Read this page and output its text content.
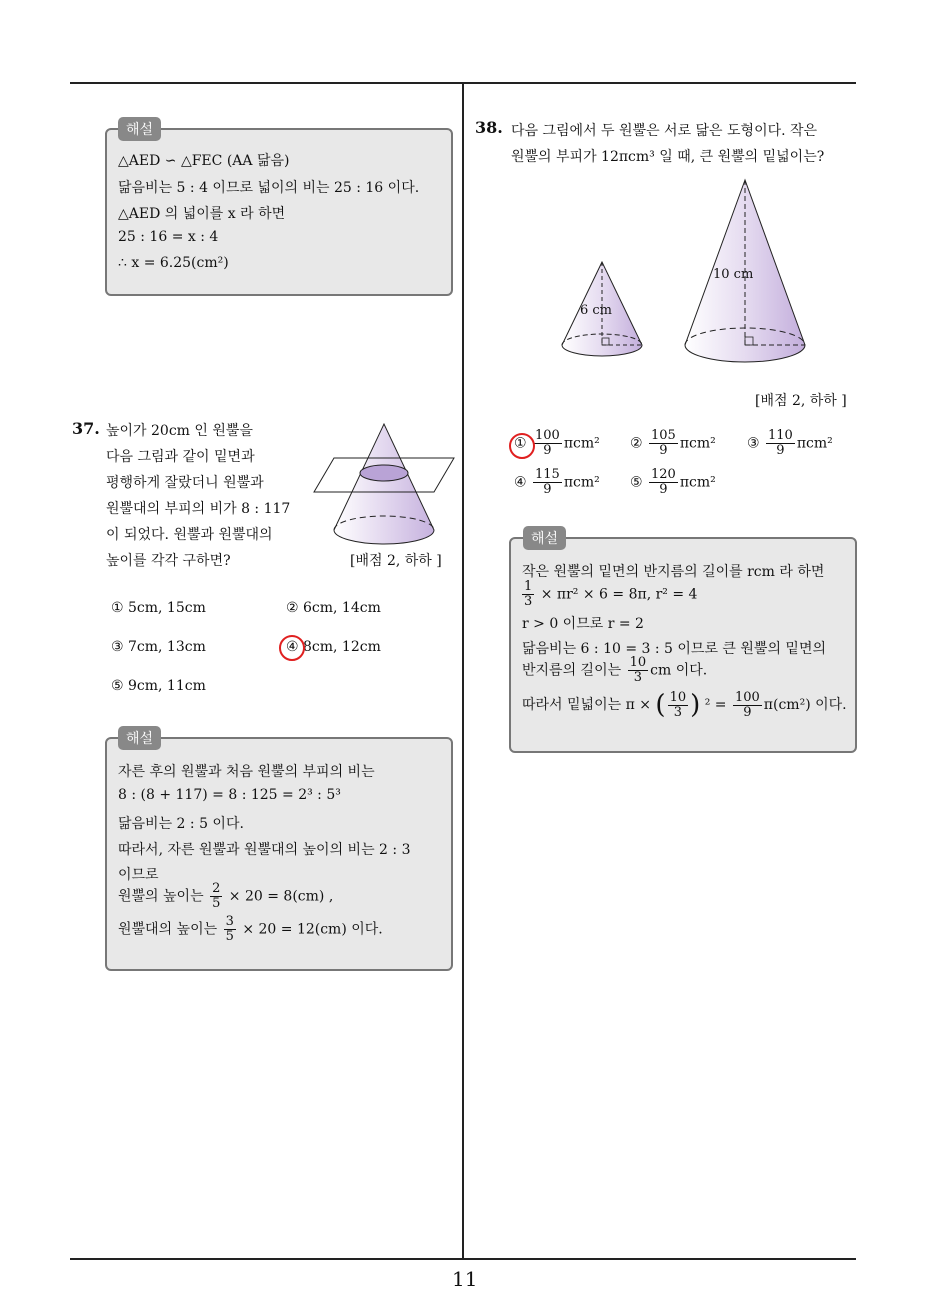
11
해설
△AED ∽ △FEC (AA 닮음)
닮음비는 5 : 4 이므로 넓이의 비는 25 : 16 이다.
△AED 의 넓이를 x 라 하면
25 : 16 = x : 4
∴ x = 6.25(cm²)
37. 높이가 20cm 인 원뿔을
다음 그림과 같이 밑면과
평행하게 잘랐더니 원뿔과
원뿔대의 부피의 비가 8 : 117
이 되었다. 원뿔과 원뿔대의
높이를 각각 구하면?	[배점 2, 하하 ]
① 5cm, 15cm	② 6cm, 14cm
③ 7cm, 13cm	④ 8cm, 12cm
⑤ 9cm, 11cm
해설
자른 후의 원뿔과 처음 원뿔의 부피의 비는
8 : (8 + 117) = 8 : 125 = 2³ : 5³
닮음비는 2 : 5 이다.
따라서, 자른 원뿔과 원뿔대의 높이의 비는 2 : 3
이므로
원뿔의 높이는 $\frac{2}{5} \times 20 = 8(cm)$ ,
원뿔대의 높이는 $\frac{3}{5} \times 20 = 12(cm)$ 이다.
38. 다음 그림에서 두 원뿔은 서로 닮은 도형이다. 작은
원뿔의 부피가 12πcm³ 일 때, 큰 원뿔의 밑넓이는?
6 cm
10 cm
[배점 2, 하하 ]
① $\frac{100}{9} \pi cm^2$ ② $\frac{105}{9} \pi cm^2$ ③ $\frac{110}{9} \pi cm^2$
④ $\frac{115}{9} \pi cm^2$ ⑤ $\frac{120}{9} \pi cm^2$
해설
작은 원뿔의 밑면의 반지름의 길이를 rcm 라 하면
$\frac{1}{3} \times \pi r^2 \times 6 = 8\pi$, r² = 4
r > 0 이므로 r = 2
닮음비는 6 : 10 = 3 : 5 이므로 큰 원뿔의 밑면의
반지름의 길이는 $\frac{10}{3}$ cm 이다.
따라서 밑넓이는 π × ( $\frac{10}{3}$ ) $^2 = \frac{100}{9} \pi(cm^2)$ 이다.
